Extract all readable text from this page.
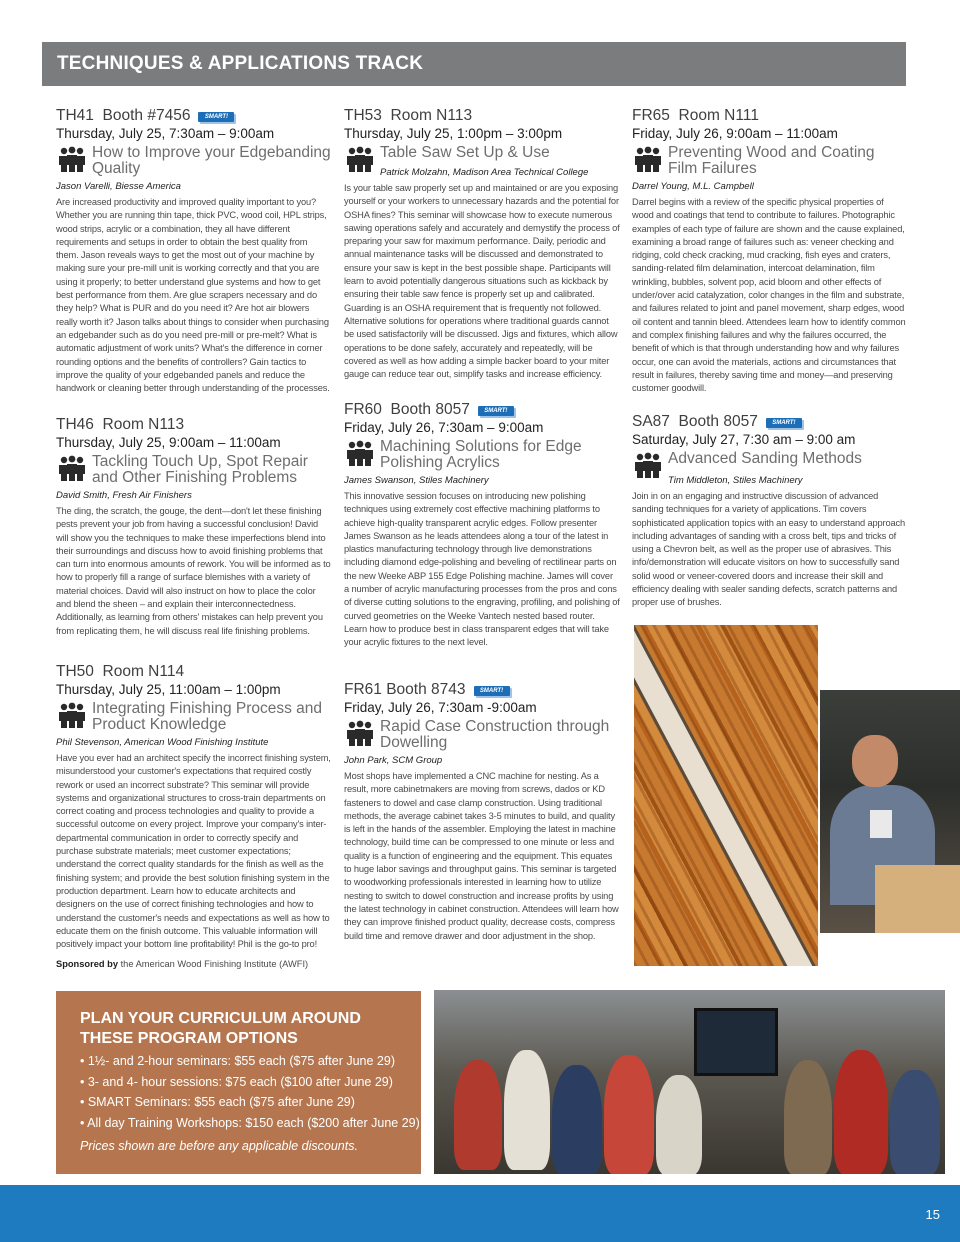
TECHNIQUES & APPLICATIONS TRACK
TH41 Booth #7456 SMART!
Thursday, July 25, 7:30am – 9:00am
How to Improve your Edgebanding Quality
Jason Varelli, Biesse America
Are increased productivity and improved quality important to you? Whether you are running thin tape, thick PVC, wood coil, HPL strips, wood strips, acrylic or a combination, they all have different requirements and setups in order to obtain the best quality from them. Jason reveals ways to get the most out of your machine by making sure your pre-mill unit is working correctly and that you are using it properly; to better understand glue systems and how to get best performance from them. Are glue scrapers necessary and do they help? What is PUR and do you need it? Are hot air blowers really worth it? Jason talks about things to consider when purchasing an edgebander such as do you need pre-mill or pre-melt? What is automatic adjustment of work units? What's the difference in corner rounding options and the benefits of controllers? Gain tactics to improve the quality of your edgebanded panels and reduce the handwork or cleaning better through understanding of the processes.
TH46 Room N113
Thursday, July 25, 9:00am – 11:00am
Tackling Touch Up, Spot Repair and Other Finishing Problems
David Smith, Fresh Air Finishers
The ding, the scratch, the gouge, the dent—don't let these finishing pests prevent your job from having a successful conclusion! David will show you the techniques to make these imperfections blend into their surroundings and discuss how to avoid finishing problems that can turn into enormous amounts of rework. You will be informed as to how to properly fill a range of surface blemishes with a variety of material choices. David will also instruct on how to place the color and blend the sheen – and explain their interconnectedness. Additionally, as learning from others' mistakes can help prevent you from replicating them, he will discuss real life finishing problems.
TH50 Room N114
Thursday, July 25, 11:00am – 1:00pm
Integrating Finishing Process and Product Knowledge
Phil Stevenson, American Wood Finishing Institute
Have you ever had an architect specify the incorrect finishing system, misunderstood your customer's expectations that required costly rework or used an incorrect substrate? This seminar will provide systems and organizational structures to cross-train departments on correct coating and process technologies and quality to provide a successful outcome on every project. Improve your company's inter-departmental communication in order to correctly specify and purchase substrate materials; meet customer expectations; understand the correct quality standards for the finish as well as the finishing system; and provide the best solution finishing system in the production department. Learn how to educate architects and designers on the use of correct finishing technologies and how to understand the customer's needs and expectations as well as how to educate them on the finish outcome. This valuable information will positively impact your bottom line profitability! Phil is the go-to pro!
Sponsored by the American Wood Finishing Institute (AWFI)
TH53 Room N113
Thursday, July 25, 1:00pm – 3:00pm
Table Saw Set Up & Use
Patrick Molzahn, Madison Area Technical College
Is your table saw properly set up and maintained or are you exposing yourself or your workers to unnecessary hazards and the potential for OSHA fines? This seminar will showcase how to execute numerous sawing operations safely and accurately and demystify the process of preparing your saw for maximum performance. Daily, periodic and annual maintenance tasks will be discussed and demonstrated to ensure your saw is kept in the best possible shape. Participants will learn to avoid potentially dangerous situations such as kickback by ensuring their table saw fence is properly set up and calibrated. Guarding is an OSHA requirement that is frequently not followed. Alternative solutions for operations where traditional guards cannot be used satisfactorily will be discussed. Jigs and fixtures, which allow operations to be done safely, accurately and repeatedly, will be covered as well as how adding a simple backer board to your miter gauge can reduce tear out, simplify tasks and increase efficiency.
FR60 Booth 8057 SMART!
Friday, July 26, 7:30am – 9:00am
Machining Solutions for Edge Polishing Acrylics
James Swanson, Stiles Machinery
This innovative session focuses on introducing new polishing techniques using extremely cost effective machining platforms to achieve high-quality transparent acrylic edges. Follow presenter James Swanson as he leads attendees along a tour of the latest in plastics manufacturing technology through live demonstrations including diamond edge-polishing and beveling of rectilinear parts on the new Weeke ABP 155 Edge Polishing machine. James will cover a number of acrylic manufacturing processes from the pros and cons of diverse cutting solutions to the engraving, profiling, and polishing of curved geometries on the Weeke Vantech nested based router. Learn how to produce best in class transparent edges that will take your acrylic fixtures to the next level.
FR61 Booth 8743 SMART!
Friday, July 26, 7:30am -9:00am
Rapid Case Construction through Dowelling
John Park, SCM Group
Most shops have implemented a CNC machine for nesting. As a result, more cabinetmakers are moving from screws, dados or KD fasteners to dowel and case clamp construction. Using traditional methods, the average cabinet takes 3-5 minutes to build, and quality is left in the hands of the assembler. Employing the latest in machine technology, build time can be compressed to one minute or less and quality is a function of engineering and the equipment. This equates to huge labor savings and throughput gains. This seminar is targeted to woodworking professionals interested in learning how to utilize nesting to switch to dowel construction and increase profits by using the latest technology in cabinet construction. Attendees will learn how they can improve finished product quality, decrease costs, compress build time and remove drawer and door adjustment in the shop.
FR65 Room N111
Friday, July 26, 9:00am – 11:00am
Preventing Wood and Coating Film Failures
Darrel Young, M.L. Campbell
Darrel begins with a review of the specific physical properties of wood and coatings that tend to contribute to failures. Photographic examples of each type of failure are shown and the cause explained, examining a broad range of failures such as: veneer checking and ridging, cold check cracking, mud cracking, fish eyes and craters, sanding-related film delamination, intercoat delamination, film wrinkling, bubbles, solvent pop, acid bloom and other effects of under/over acid catalyzation, color changes in the film and substrate, and failures related to joint and panel movement, sharp edges, wood oil content and tannin bleed. Attendees learn how to identify common and complex finishing failures and why the failures occurred, the benefit of which is that through understanding how and why failures occur, one can avoid the materials, actions and circumstances that result in failures, thereby saving time and money—and preserving customer goodwill.
SA87 Booth 8057 SMART!
Saturday, July 27, 7:30 am – 9:00 am
Advanced Sanding Methods
Tim Middleton, Stiles Machinery
Join in on an engaging and instructive discussion of advanced sanding techniques for a variety of applications. Tim covers sophisticated application topics with an easy to understand approach including advantages of sanding with a cross belt, tips and tricks of using a Chevron belt, as well as the proper use of abrasives. This info/demonstration will educate visitors on how to successfully sand solid wood or veneer-covered doors and increase their skill and efficiency dealing with sealer sanding defects, scratch patterns and proper use of brushes.
PLAN YOUR CURRICULUM AROUND
THESE PROGRAM OPTIONS
• 1½- and 2-hour seminars: $55 each ($75 after June 29)
• 3- and 4- hour sessions: $75 each ($100 after June 29)
• SMART Seminars: $55 each ($75 after June 29)
• All day Training Workshops: $150 each ($200 after June 29)
Prices shown are before any applicable discounts.
15
